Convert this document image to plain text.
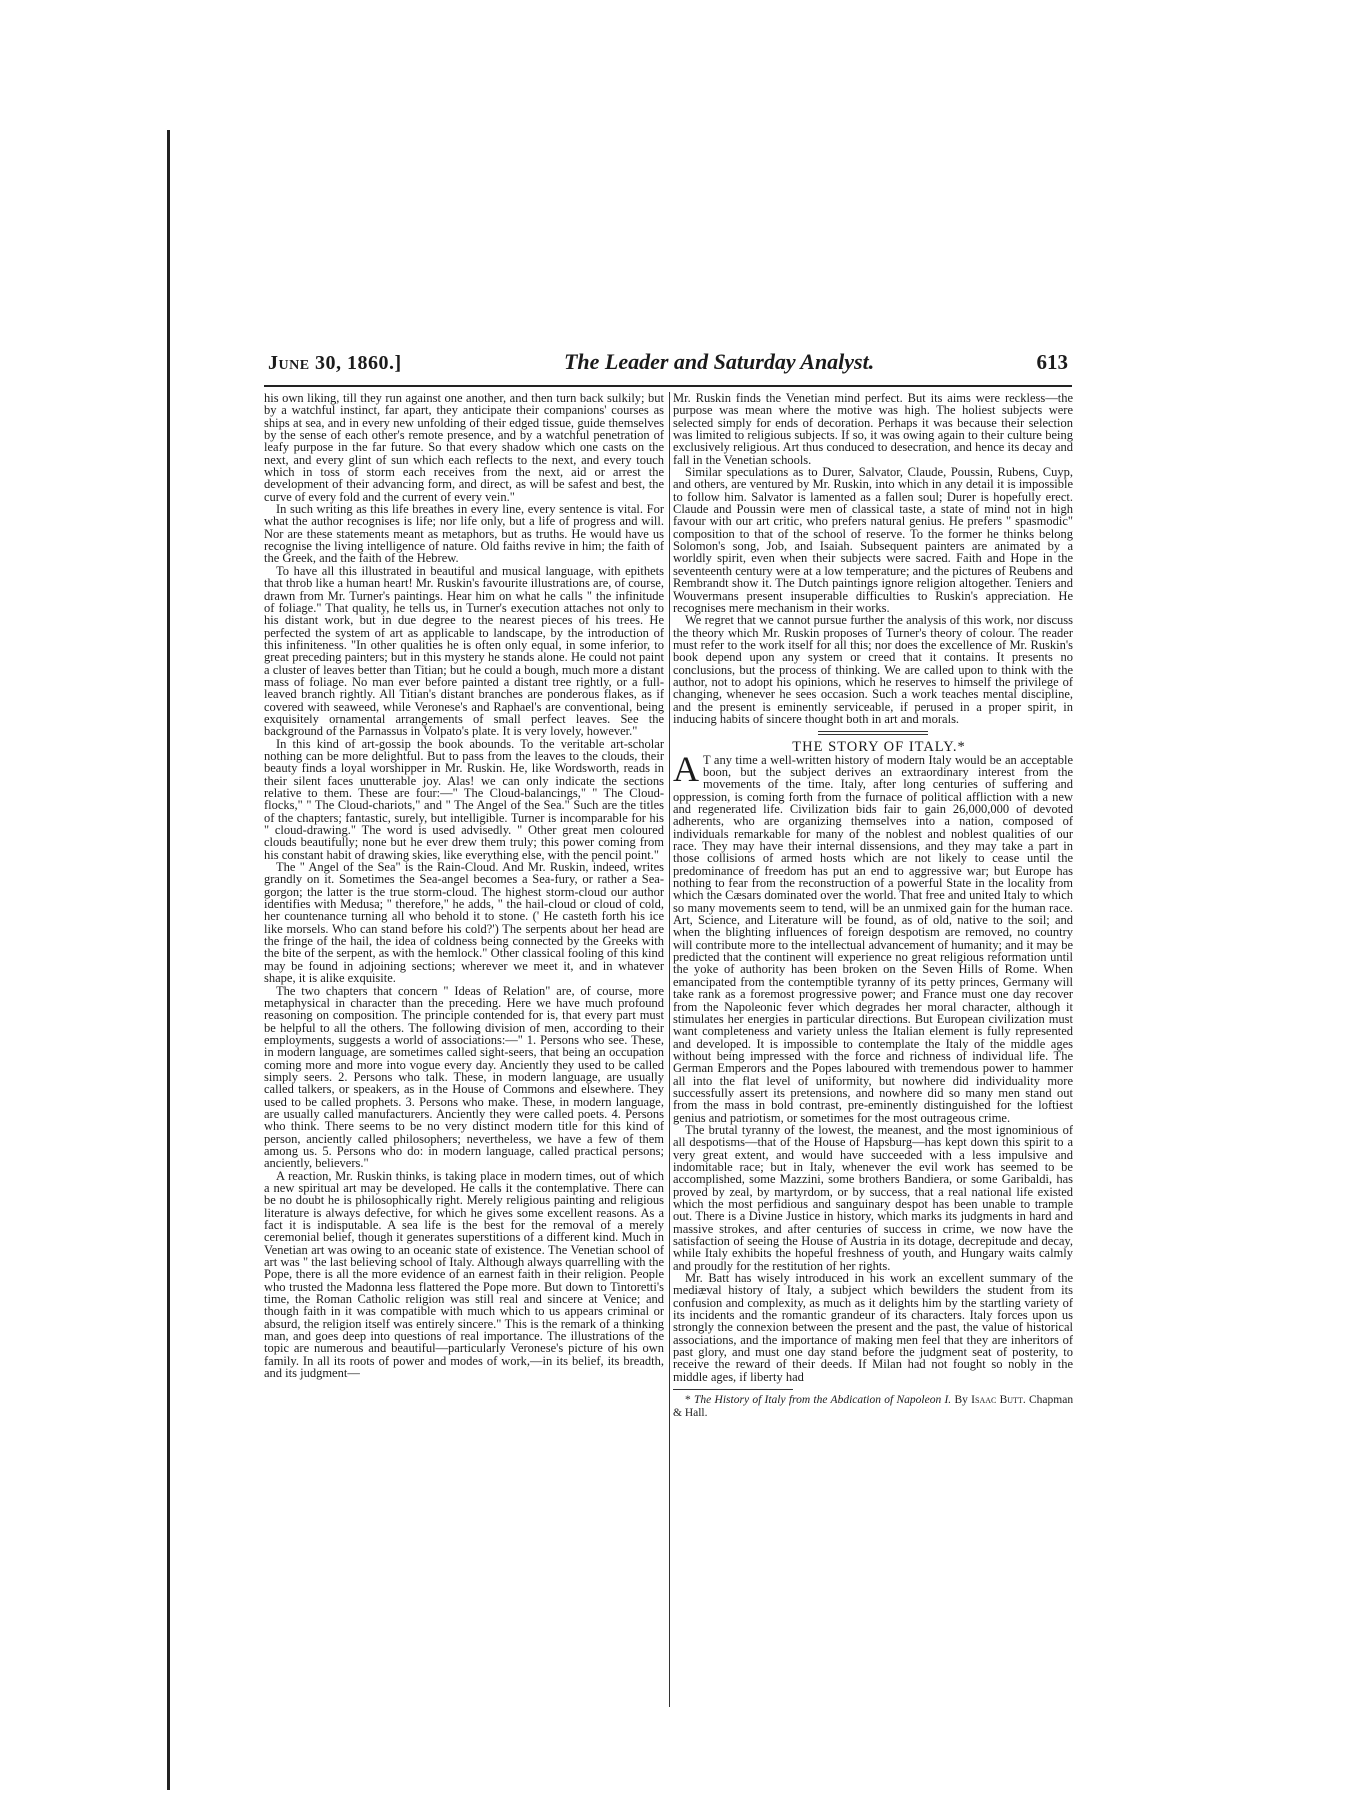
June 30, 1860.]	The Leader and Saturday Analyst.	613

his own liking, till they run against one another, and then turn back sulkily; but by a watchful instinct, far apart, they anticipate their companions' courses as ships at sea, and in every new unfolding of their edged tissue, guide themselves by the sense of each other's remote presence, and by a watchful penetration of leafy purpose in the far future. So that every shadow which one casts on the next, and every glint of sun which each reflects to the next, and every touch which in toss of storm each receives from the next, aid or arrest the development of their advancing form, and direct, as will be safest and best, the curve of every fold and the current of every vein."

In such writing as this life breathes in every line, every sentence is vital. For what the author recognises is life; nor life only, but a life of progress and will. Nor are these statements meant as metaphors, but as truths. He would have us recognise the living intelligence of nature. Old faiths revive in him; the faith of the Greek, and the faith of the Hebrew.

To have all this illustrated in beautiful and musical language, with epithets that throb like a human heart! Mr. Ruskin's favourite illustrations are, of course, drawn from Mr. Turner's paintings. Hear him on what he calls " the infinitude of foliage." That quality, he tells us, in Turner's execution attaches not only to his distant work, but in due degree to the nearest pieces of his trees. He perfected the system of art as applicable to landscape, by the introduction of this infiniteness. "In other qualities he is often only equal, in some inferior, to great preceding painters; but in this mystery he stands alone. He could not paint a cluster of leaves better than Titian; but he could a bough, much more a distant mass of foliage. No man ever before painted a distant tree rightly, or a full-leaved branch rightly. All Titian's distant branches are ponderous flakes, as if covered with seaweed, while Veronese's and Raphael's are conventional, being exquisitely ornamental arrangements of small perfect leaves. See the background of the Parnassus in Volpato's plate. It is very lovely, however."

In this kind of art-gossip the book abounds. To the veritable art-scholar nothing can be more delightful. But to pass from the leaves to the clouds, their beauty finds a loyal worshipper in Mr. Ruskin. He, like Wordsworth, reads in their silent faces unutterable joy. Alas! we can only indicate the sections relative to them. These are four:—" The Cloud-balancings," " The Cloud-flocks," " The Cloud-chariots," and " The Angel of the Sea." Such are the titles of the chapters; fantastic, surely, but intelligible. Turner is incomparable for his " cloud-drawing." The word is used advisedly. " Other great men coloured clouds beautifully; none but he ever drew them truly; this power coming from his constant habit of drawing skies, like everything else, with the pencil point."

The " Angel of the Sea" is the Rain-Cloud. And Mr. Ruskin, indeed, writes grandly on it. Sometimes the Sea-angel becomes a Sea-fury, or rather a Sea-gorgon; the latter is the true storm-cloud. The highest storm-cloud our author identifies with Medusa; " therefore," he adds, " the hail-cloud or cloud of cold, her countenance turning all who behold it to stone. (' He casteth forth his ice like morsels. Who can stand before his cold?') The serpents about her head are the fringe of the hail, the idea of coldness being connected by the Greeks with the bite of the serpent, as with the hemlock." Other classical fooling of this kind may be found in adjoining sections; wherever we meet it, and in whatever shape, it is alike exquisite.

The two chapters that concern " Ideas of Relation" are, of course, more metaphysical in character than the preceding. Here we have much profound reasoning on composition. The principle contended for is, that every part must be helpful to all the others. The following division of men, according to their employments, suggests a world of associations:—" 1. Persons who see. These, in modern language, are sometimes called sight-seers, that being an occupation coming more and more into vogue every day. Anciently they used to be called simply seers. 2. Persons who talk. These, in modern language, are usually called talkers, or speakers, as in the House of Commons and elsewhere. They used to be called prophets. 3. Persons who make. These, in modern language, are usually called manufacturers. Anciently they were called poets. 4. Persons who think. There seems to be no very distinct modern title for this kind of person, anciently called philosophers; nevertheless, we have a few of them among us. 5. Persons who do: in modern language, called practical persons; anciently, believers."

A reaction, Mr. Ruskin thinks, is taking place in modern times, out of which a new spiritual art may be developed. He calls it the contemplative. There can be no doubt he is philosophically right. Merely religious painting and religious literature is always defective, for which he gives some excellent reasons. As a fact it is indisputable. A sea life is the best for the removal of a merely ceremonial belief, though it generates superstitions of a different kind. Much in Venetian art was owing to an oceanic state of existence. The Venetian school of art was " the last believing school of Italy. Although always quarrelling with the Pope, there is all the more evidence of an earnest faith in their religion. People who trusted the Madonna less flattered the Pope more. But down to Tintoretti's time, the Roman Catholic religion was still real and sincere at Venice; and though faith in it was compatible with much which to us appears criminal or absurd, the religion itself was entirely sincere." This is the remark of a thinking man, and goes deep into questions of real importance. The illustrations of the topic are numerous and beautiful—particularly Veronese's picture of his own family. In all its roots of power and modes of work,—in its belief, its breadth, and its judgment—

Mr. Ruskin finds the Venetian mind perfect. But its aims were reckless—the purpose was mean where the motive was high. The holiest subjects were selected simply for ends of decoration. Perhaps it was because their selection was limited to religious subjects. If so, it was owing again to their culture being exclusively religious. Art thus conduced to desecration, and hence its decay and fall in the Venetian schools.

Similar speculations as to Durer, Salvator, Claude, Poussin, Rubens, Cuyp, and others, are ventured by Mr. Ruskin, into which in any detail it is impossible to follow him. Salvator is lamented as a fallen soul; Durer is hopefully erect. Claude and Poussin were men of classical taste, a state of mind not in high favour with our art critic, who prefers natural genius. He prefers " spasmodic" composition to that of the school of reserve. To the former he thinks belong Solomon's song, Job, and Isaiah. Subsequent painters are animated by a worldly spirit, even when their subjects were sacred. Faith and Hope in the seventeenth century were at a low temperature; and the pictures of Reubens and Rembrandt show it. The Dutch paintings ignore religion altogether. Teniers and Wouvermans present insuperable difficulties to Ruskin's appreciation. He recognises mere mechanism in their works.

We regret that we cannot pursue further the analysis of this work, nor discuss the theory which Mr. Ruskin proposes of Turner's theory of colour. The reader must refer to the work itself for all this; nor does the excellence of Mr. Ruskin's book depend upon any system or creed that it contains. It presents no conclusions, but the process of thinking. We are called upon to think with the author, not to adopt his opinions, which he reserves to himself the privilege of changing, whenever he sees occasion. Such a work teaches mental discipline, and the present is eminently serviceable, if perused in a proper spirit, in inducing habits of sincere thought both in art and morals.

THE STORY OF ITALY.*

A T any time a well-written history of modern Italy would be an acceptable boon, but the subject derives an extraordinary interest from the movements of the time. Italy, after long centuries of suffering and oppression, is coming forth from the furnace of political affliction with a new and regenerated life. Civilization bids fair to gain 26,000,000 of devoted adherents, who are organizing themselves into a nation, composed of individuals remarkable for many of the noblest and noblest qualities of our race. They may have their internal dissensions, and they may take a part in those collisions of armed hosts which are not likely to cease until the predominance of freedom has put an end to aggressive war; but Europe has nothing to fear from the reconstruction of a powerful State in the locality from which the Cæsars dominated over the world. That free and united Italy to which so many movements seem to tend, will be an unmixed gain for the human race. Art, Science, and Literature will be found, as of old, native to the soil; and when the blighting influences of foreign despotism are removed, no country will contribute more to the intellectual advancement of humanity; and it may be predicted that the continent will experience no great religious reformation until the yoke of authority has been broken on the Seven Hills of Rome. When emancipated from the contemptible tyranny of its petty princes, Germany will take rank as a foremost progressive power; and France must one day recover from the Napoleonic fever which degrades her moral character, although it stimulates her energies in particular directions. But European civilization must want completeness and variety unless the Italian element is fully represented and developed. It is impossible to contemplate the Italy of the middle ages without being impressed with the force and richness of individual life. The German Emperors and the Popes laboured with tremendous power to hammer all into the flat level of uniformity, but nowhere did individuality more successfully assert its pretensions, and nowhere did so many men stand out from the mass in bold contrast, pre-eminently distinguished for the loftiest genius and patriotism, or sometimes for the most outrageous crime.

The brutal tyranny of the lowest, the meanest, and the most ignominious of all despotisms—that of the House of Hapsburg—has kept down this spirit to a very great extent, and would have succeeded with a less impulsive and indomitable race; but in Italy, whenever the evil work has seemed to be accomplished, some Mazzini, some brothers Bandiera, or some Garibaldi, has proved by zeal, by martyrdom, or by success, that a real national life existed which the most perfidious and sanguinary despot has been unable to trample out. There is a Divine Justice in history, which marks its judgments in hard and massive strokes, and after centuries of success in crime, we now have the satisfaction of seeing the House of Austria in its dotage, decrepitude and decay, while Italy exhibits the hopeful freshness of youth, and Hungary waits calmly and proudly for the restitution of her rights.

Mr. Batt has wisely introduced in his work an excellent summary of the mediæval history of Italy, a subject which bewilders the student from its confusion and complexity, as much as it delights him by the startling variety of its incidents and the romantic grandeur of its characters. Italy forces upon us strongly the connexion between the present and the past, the value of historical associations, and the importance of making men feel that they are inheritors of past glory, and must one day stand before the judgment seat of posterity, to receive the reward of their deeds. If Milan had not fought so nobly in the middle ages, if liberty had

* The History of Italy from the Abdication of Napoleon I. By Isaac Butt. Chapman & Hall.
